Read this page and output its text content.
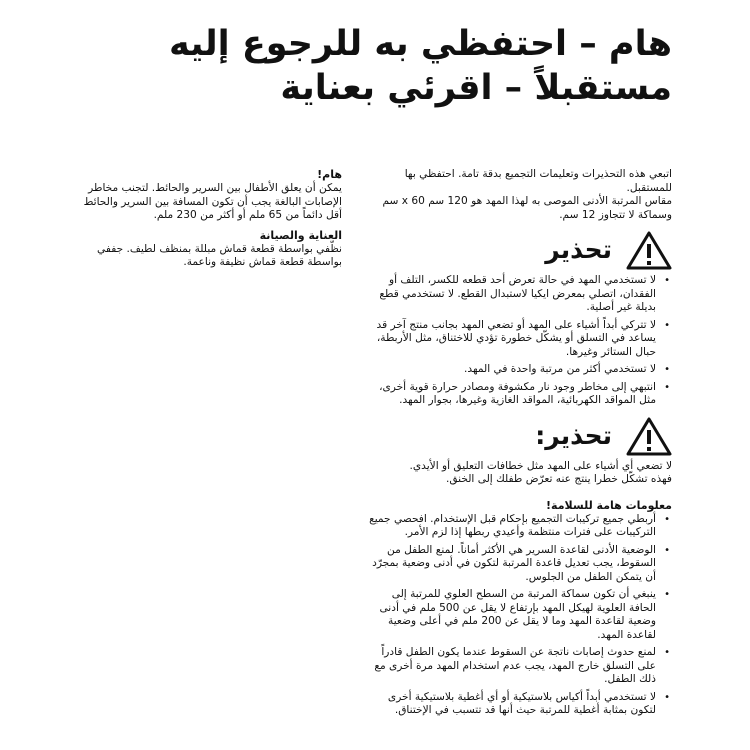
هام – احتفظي به للرجوع إليه مستقبلاً – اقرئي بعناية

اتبعي هذه التحذيرات وتعليمات التجميع بدقة تامة. احتفظي بها للمستقبل.

مقاس المرتبة الأدنى الموصى به لهذا المهد هو 120 سم x 60 سم وسماكة لا تتجاوز 12 سم.

تحذير
• لا تستخدمي المهد في حالة تعرض أحد قطعه للكسر، التلف أو الفقدان، اتصلي بمعرض ايكيا لاستبدال القطع. لا تستخدمي قطع بديلة غير أصلية.
• لا تتركي أبداً أشياء على المهد أو تضعي المهد بجانب منتج آخر قد يساعد في التسلق أو يشكّل خطورة تؤدي للاختناق، مثل الأربطة، حبال الستائر وغيرها.
• لا تستخدمي أكثر من مرتبة واحدة في المهد.
• انتبهي إلى مخاطر وجود نار مكشوفة ومصادر حرارة قوية أخرى، مثل المواقد الكهربائية، المواقد الغازية وغيرها، بجوار المهد.
تحذير:

لا تضعي أي أشياء على المهد مثل خطافات التعليق أو الأيدي.

فهذه تشكّل خطرا ينتج عنه تعرّض طفلك إلى الخنق.

معلومات هامة للسلامة!
• أربطي جميع تركيبات التجميع بإحكام قبل الإستخدام. افحصي جميع التركيبات على فترات منتظمة وأعيدي ربطها إذا لزم الأمر.
• الوضعية الأدنى لقاعدة السرير هي الأكثر أماناً. لمنع الطفل من السقوط، يجب تعديل قاعدة المرتبة لتكون في أدنى وضعية بمجرّد أن يتمكن الطفل من الجلوس.
• ينبغي أن تكون سماكة المرتبة من السطح العلوي للمرتبة إلى الحافة العلوية لهيكل المهد بإرتفاع لا يقل عن 500 ملم في أدنى وضعية لقاعدة المهد وما لا يقل عن 200 ملم في أعلى وضعية لقاعدة المهد.
• لمنع حدوث إصابات ناتجة عن السقوط عندما يكون الطفل قادراً على التسلق خارج المهد، يجب عدم استخدام المهد مرة أخرى مع ذلك الطفل.
• لا تستخدمي أبداً أكياس بلاستيكية أو أي أغطية بلاستيكية أخرى لتكون بمثابة أغطية للمرتبة حيث أنها قد تتسبب في الإختناق.
هام!

يمكن أن يعلق الأطفال بين السرير والحائط. لتجنب مخاطر الإصابات البالغة يجب أن تكون المسافة بين السرير والحائط أقل دائماً من 65 ملم أو أكثر من 230 ملم.

العناية والصيانة

نظّفي بواسطة قطعة قماش مبللة بمنظف لطيف. جففي بواسطة قطعة قماش نظيفة وناعمة.
